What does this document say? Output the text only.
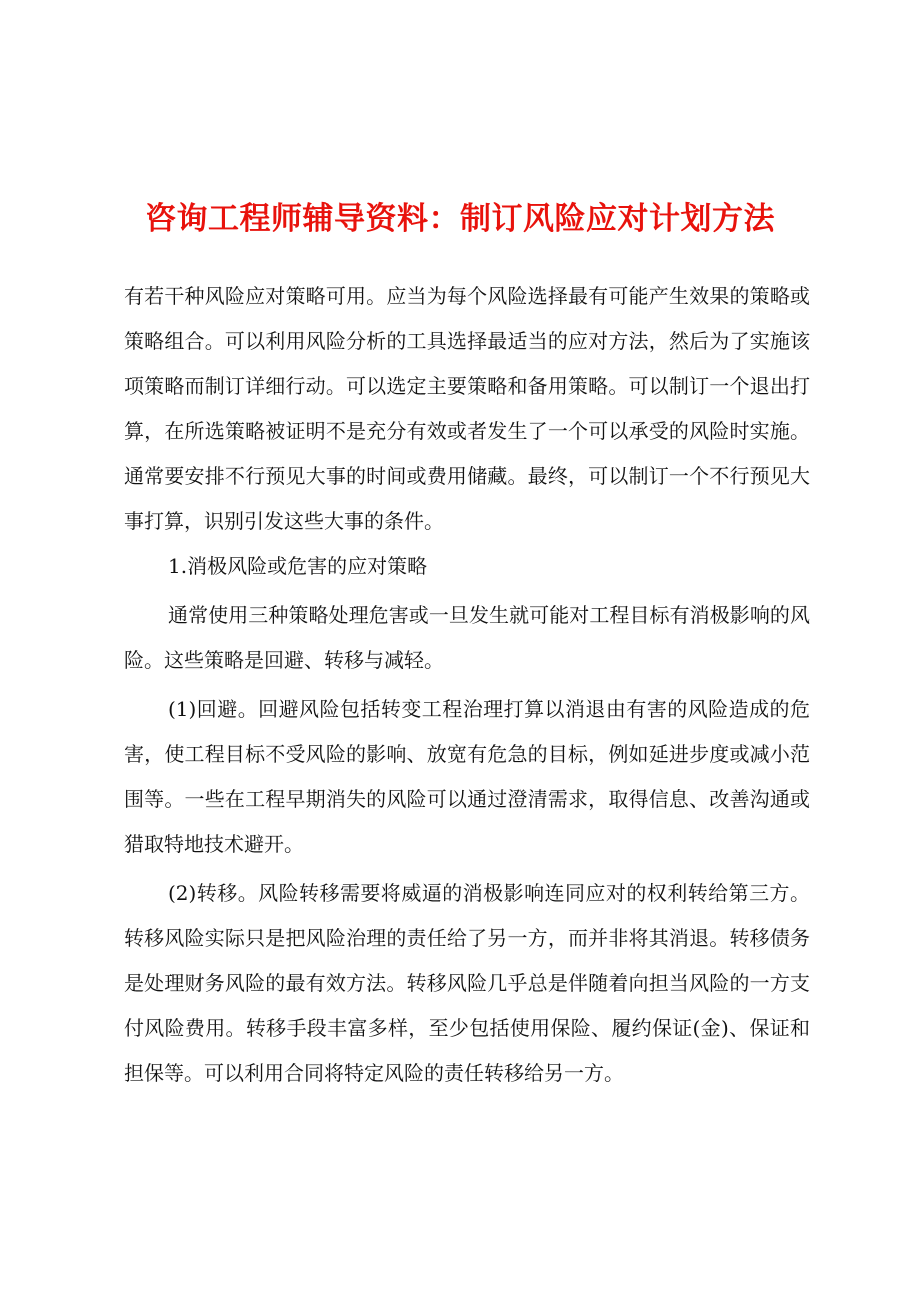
咨询工程师辅导资料：制订风险应对计划方法

有若干种风险应对策略可用。应当为每个风险选择最有可能产生效果的策略或策略组合。可以利用风险分析的工具选择最适当的应对方法，然后为了实施该项策略而制订详细行动。可以选定主要策略和备用策略。可以制订一个退出打算，在所选策略被证明不是充分有效或者发生了一个可以承受的风险时实施。通常要安排不行预见大事的时间或费用储藏。最终，可以制订一个不行预见大事打算，识别引发这些大事的条件。

1.消极风险或危害的应对策略

通常使用三种策略处理危害或一旦发生就可能对工程目标有消极影响的风险。这些策略是回避、转移与减轻。

(1)回避。回避风险包括转变工程治理打算以消退由有害的风险造成的危害，使工程目标不受风险的影响、放宽有危急的目标，例如延进步度或减小范围等。一些在工程早期消失的风险可以通过澄清需求，取得信息、改善沟通或猎取特地技术避开。

(2)转移。风险转移需要将威逼的消极影响连同应对的权利转给第三方。转移风险实际只是把风险治理的责任给了另一方，而并非将其消退。转移债务是处理财务风险的最有效方法。转移风险几乎总是伴随着向担当风险的一方支付风险费用。转移手段丰富多样，至少包括使用保险、履约保证(金)、保证和担保等。可以利用合同将特定风险的责任转移给另一方。
